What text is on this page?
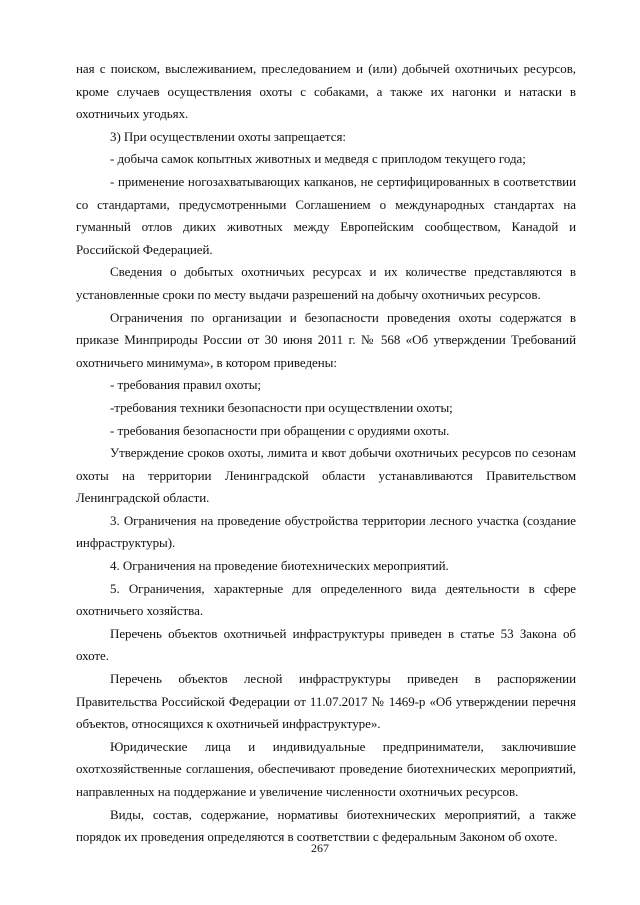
ная с поиском, выслеживанием, преследованием и (или) добычей охотничьих ресурсов, кроме случаев осуществления охоты с собаками, а также их нагонки и натаски в охотничьих угодьях.

3) При осуществлении охоты запрещается:

- добыча самок копытных животных и медведя с приплодом текущего года;

- применение ногозахватывающих капканов, не сертифицированных в соответствии со стандартами, предусмотренными Соглашением о международных стандартах на гуманный отлов диких животных между Европейским сообществом, Канадой и Российской Федерацией.

Сведения о добытых охотничьих ресурсах и их количестве представляются в установленные сроки по месту выдачи разрешений на добычу охотничьих ресурсов.

Ограничения по организации и безопасности проведения охоты содержатся в приказе Минприроды России от 30 июня 2011 г. № 568 «Об утверждении Требований охотничьего минимума», в котором приведены:

- требования правил охоты;

-требования техники безопасности при осуществлении охоты;

- требования безопасности при обращении с орудиями охоты.

Утверждение сроков охоты, лимита и квот добычи охотничьих ресурсов по сезонам охоты на территории Ленинградской области устанавливаются Правительством Ленинградской области.

3. Ограничения на проведение обустройства территории лесного участка (создание инфраструктуры).

4. Ограничения на проведение биотехнических мероприятий.

5. Ограничения, характерные для определенного вида деятельности в сфере охотничьего хозяйства.

Перечень объектов охотничьей инфраструктуры приведен в статье 53 Закона об охоте.

Перечень объектов лесной инфраструктуры приведен в распоряжении Правительства Российской Федерации от 11.07.2017 № 1469-р «Об утверждении перечня объектов, относящихся к охотничьей инфраструктуре».

Юридические лица и индивидуальные предприниматели, заключившие охотхозяйственные соглашения, обеспечивают проведение биотехнических мероприятий, направленных на поддержание и увеличение численности охотничьих ресурсов.

Виды, состав, содержание, нормативы биотехнических мероприятий, а также порядок их проведения определяются в соответствии с федеральным Законом об охоте.

267
